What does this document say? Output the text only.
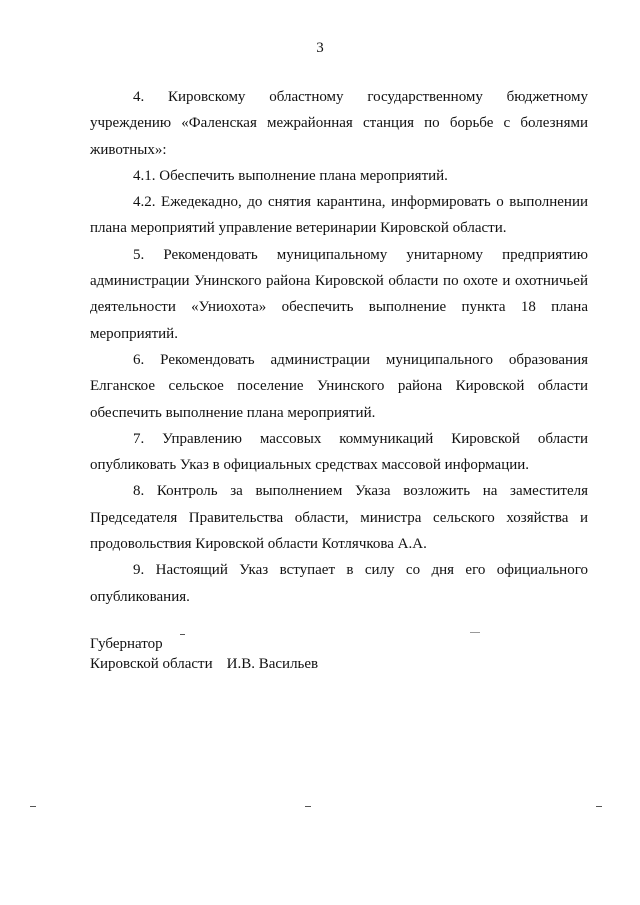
3

4. Кировскому областному государственному бюджетному учреждению «Фаленская межрайонная станция по борьбе с болезнями животных»:

4.1. Обеспечить выполнение плана мероприятий.

4.2. Ежедекадно, до снятия карантина, информировать о выполнении плана мероприятий управление ветеринарии Кировской области.

5. Рекомендовать муниципальному унитарному предприятию администрации Унинского района Кировской области по охоте и охотничьей деятельности «Униохота» обеспечить выполнение пункта 18 плана мероприятий.

6. Рекомендовать администрации муниципального образования Елганское сельское поселение Унинского района Кировской области обеспечить выполнение плана мероприятий.

7. Управлению массовых коммуникаций Кировской области опубликовать Указ в официальных средствах массовой информации.

8. Контроль за выполнением Указа возложить на заместителя Председателя Правительства области, министра сельского хозяйства и продовольствия Кировской области Котлячкова А.А.

9. Настоящий Указ вступает в силу со дня его официального опубликования.

Губернатор
Кировской области И.В. Васильев
